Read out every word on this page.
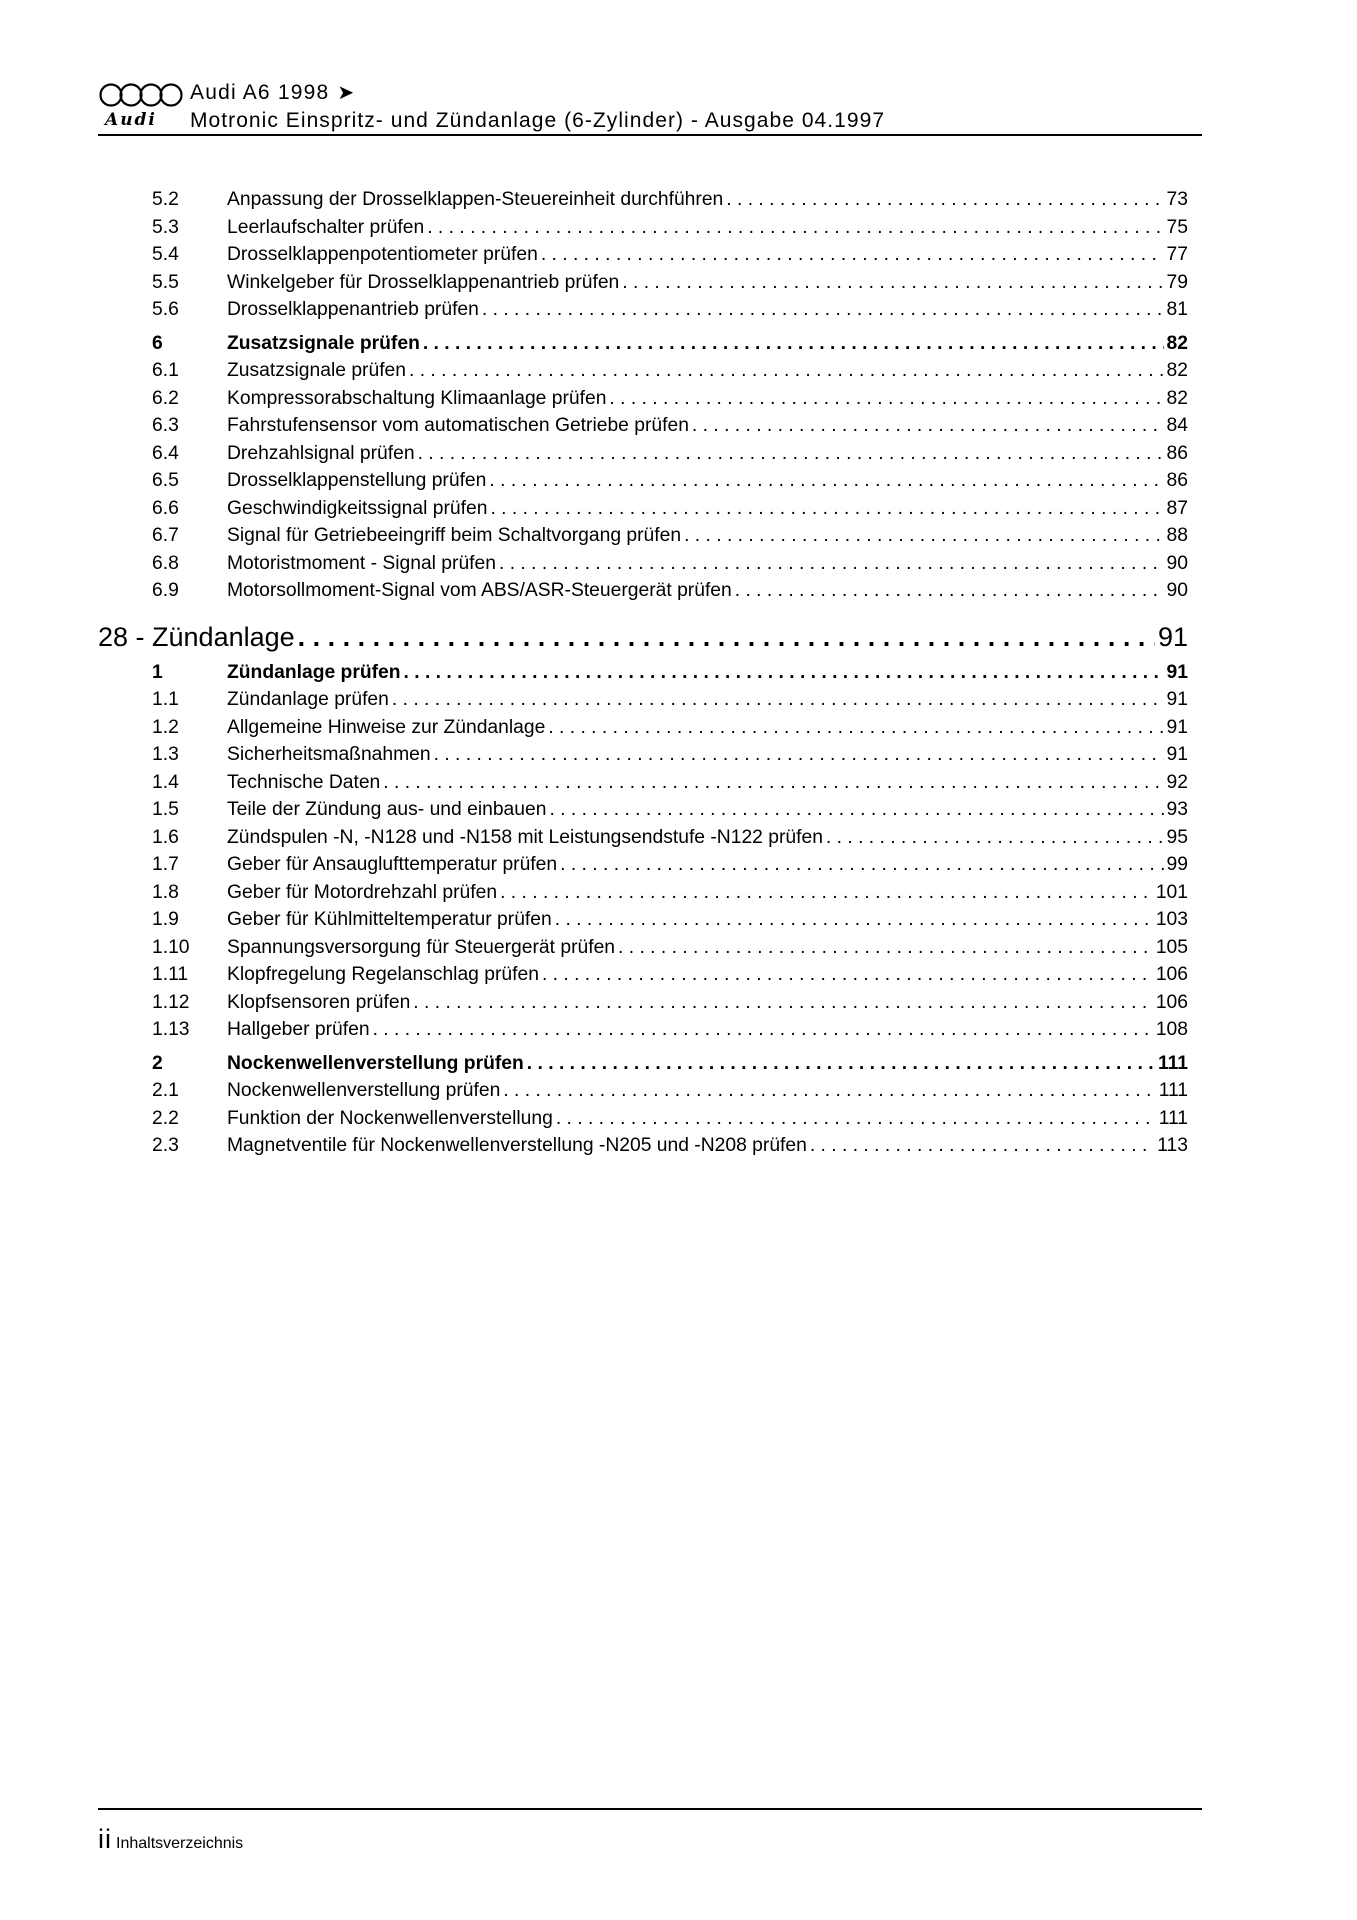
Audi
Audi A6 1998 ➤
Motronic Einspritz- und Zündanlage (6-Zylinder) - Ausgabe 04.1997
5.2	Anpassung der Drosselklappen-Steuereinheit durchführen . . .	73
5.3	Leerlaufschalter prüfen . . .	75
5.4	Drosselklappenpotentiometer prüfen . . .	77
5.5	Winkelgeber für Drosselklappenantrieb prüfen . . .	79
5.6	Drosselklappenantrieb prüfen . . .	81
6	Zusatzsignale prüfen . . .	82
6.1	Zusatzsignale prüfen . . .	82
6.2	Kompressorabschaltung Klimaanlage prüfen . . .	82
6.3	Fahrstufensensor vom automatischen Getriebe prüfen . . .	84
6.4	Drehzahlsignal prüfen . . .	86
6.5	Drosselklappenstellung prüfen . . .	86
6.6	Geschwindigkeitssignal prüfen . . .	87
6.7	Signal für Getriebeeingriff beim Schaltvorgang prüfen . . .	88
6.8	Motoristmoment - Signal prüfen . . .	90
6.9	Motorsollmoment-Signal vom ABS/ASR-Steuergerät prüfen . . .	90
28 - Zündanlage . . .	91
1	Zündanlage prüfen . . .	91
1.1	Zündanlage prüfen . . .	91
1.2	Allgemeine Hinweise zur Zündanlage . . .	91
1.3	Sicherheitsmaßnahmen . . .	91
1.4	Technische Daten . . .	92
1.5	Teile der Zündung aus- und einbauen . . .	93
1.6	Zündspulen -N, -N128 und -N158 mit Leistungsendstufe -N122 prüfen . . .	95
1.7	Geber für Ansauglufttemperatur prüfen . . .	99
1.8	Geber für Motordrehzahl prüfen . . .	101
1.9	Geber für Kühlmitteltemperatur prüfen . . .	103
1.10	Spannungsversorgung für Steuergerät prüfen . . .	105
1.11	Klopfregelung Regelanschlag prüfen . . .	106
1.12	Klopfsensoren prüfen . . .	106
1.13	Hallgeber prüfen . . .	108
2	Nockenwellenverstellung prüfen . . .	111
2.1	Nockenwellenverstellung prüfen . . .	111
2.2	Funktion der Nockenwellenverstellung . . .	111
2.3	Magnetventile für Nockenwellenverstellung -N205 und -N208 prüfen . . .	113
ii Inhaltsverzeichnis
